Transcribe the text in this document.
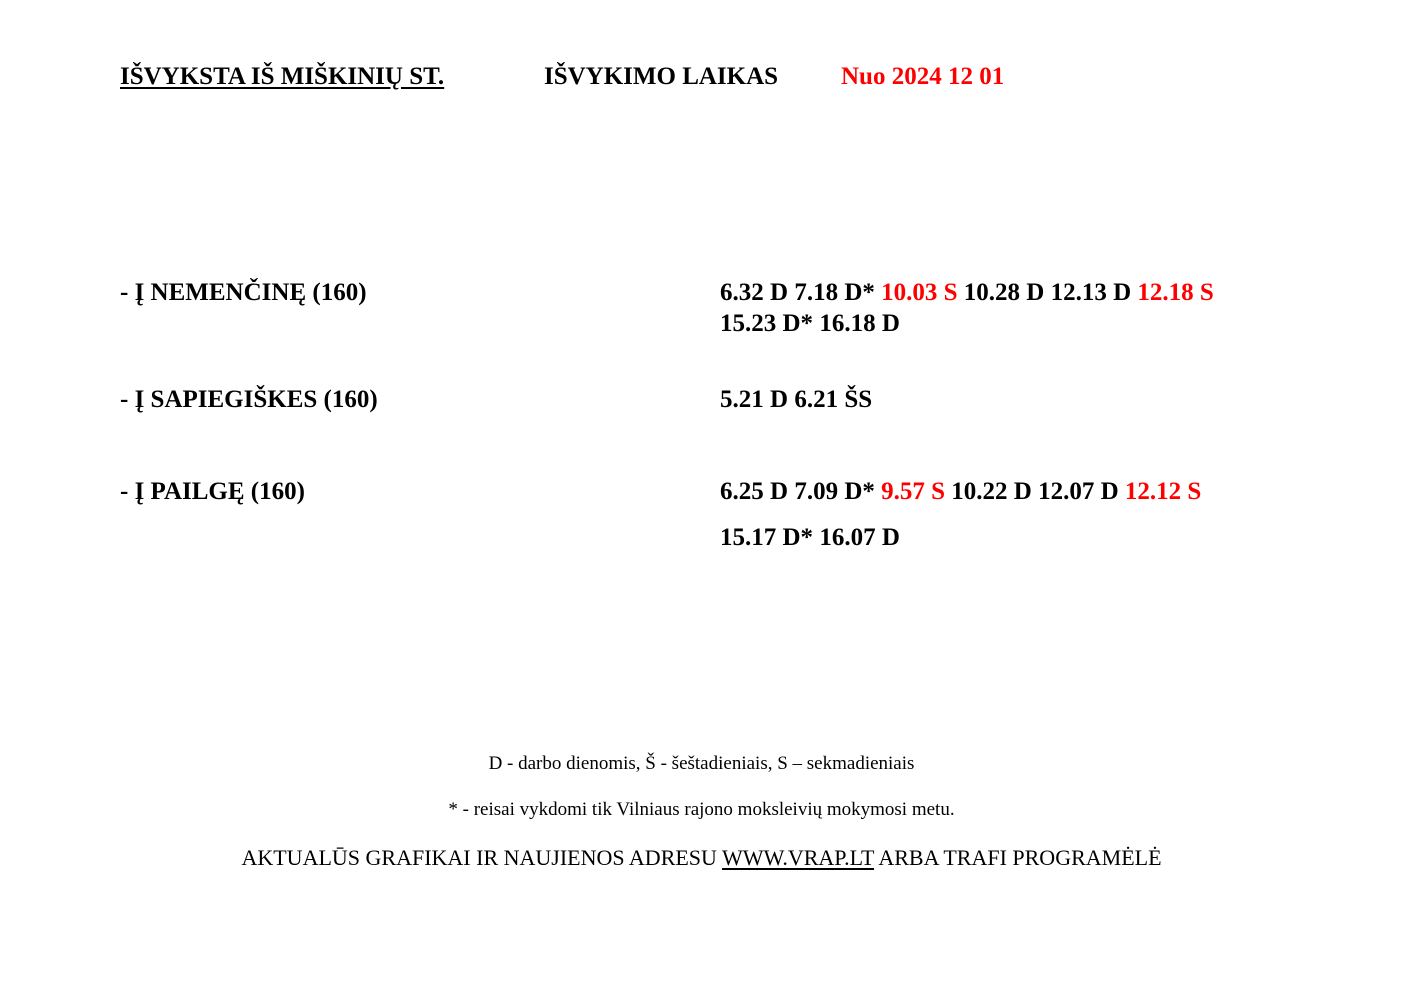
IŠVYKSTA IŠ MIŠKINIŲ ST.	IŠVYKIMO LAIKAS	Nuo 2024 12 01
- Į NEMENČINĘ (160)	6.32 D 7.18 D* 10.03 S 10.28 D 12.13 D 12.18 S
15.23 D* 16.18 D
- Į SAPIEGIŠKES (160)	5.21 D 6.21 ŠS
- Į PAILGĘ (160)	6.25 D 7.09 D* 9.57 S 10.22 D 12.07 D 12.12 S
15.17 D* 16.07 D
D - darbo dienomis, Š - šeštadieniais, S – sekmadieniais
* - reisai vykdomi tik Vilniaus rajono moksleivių mokymosi metu.
AKTUALŪS GRAFIKAI IR NAUJIENOS ADRESU WWW.VRAP.LT ARBA TRAFI PROGRAMĖLĖ
